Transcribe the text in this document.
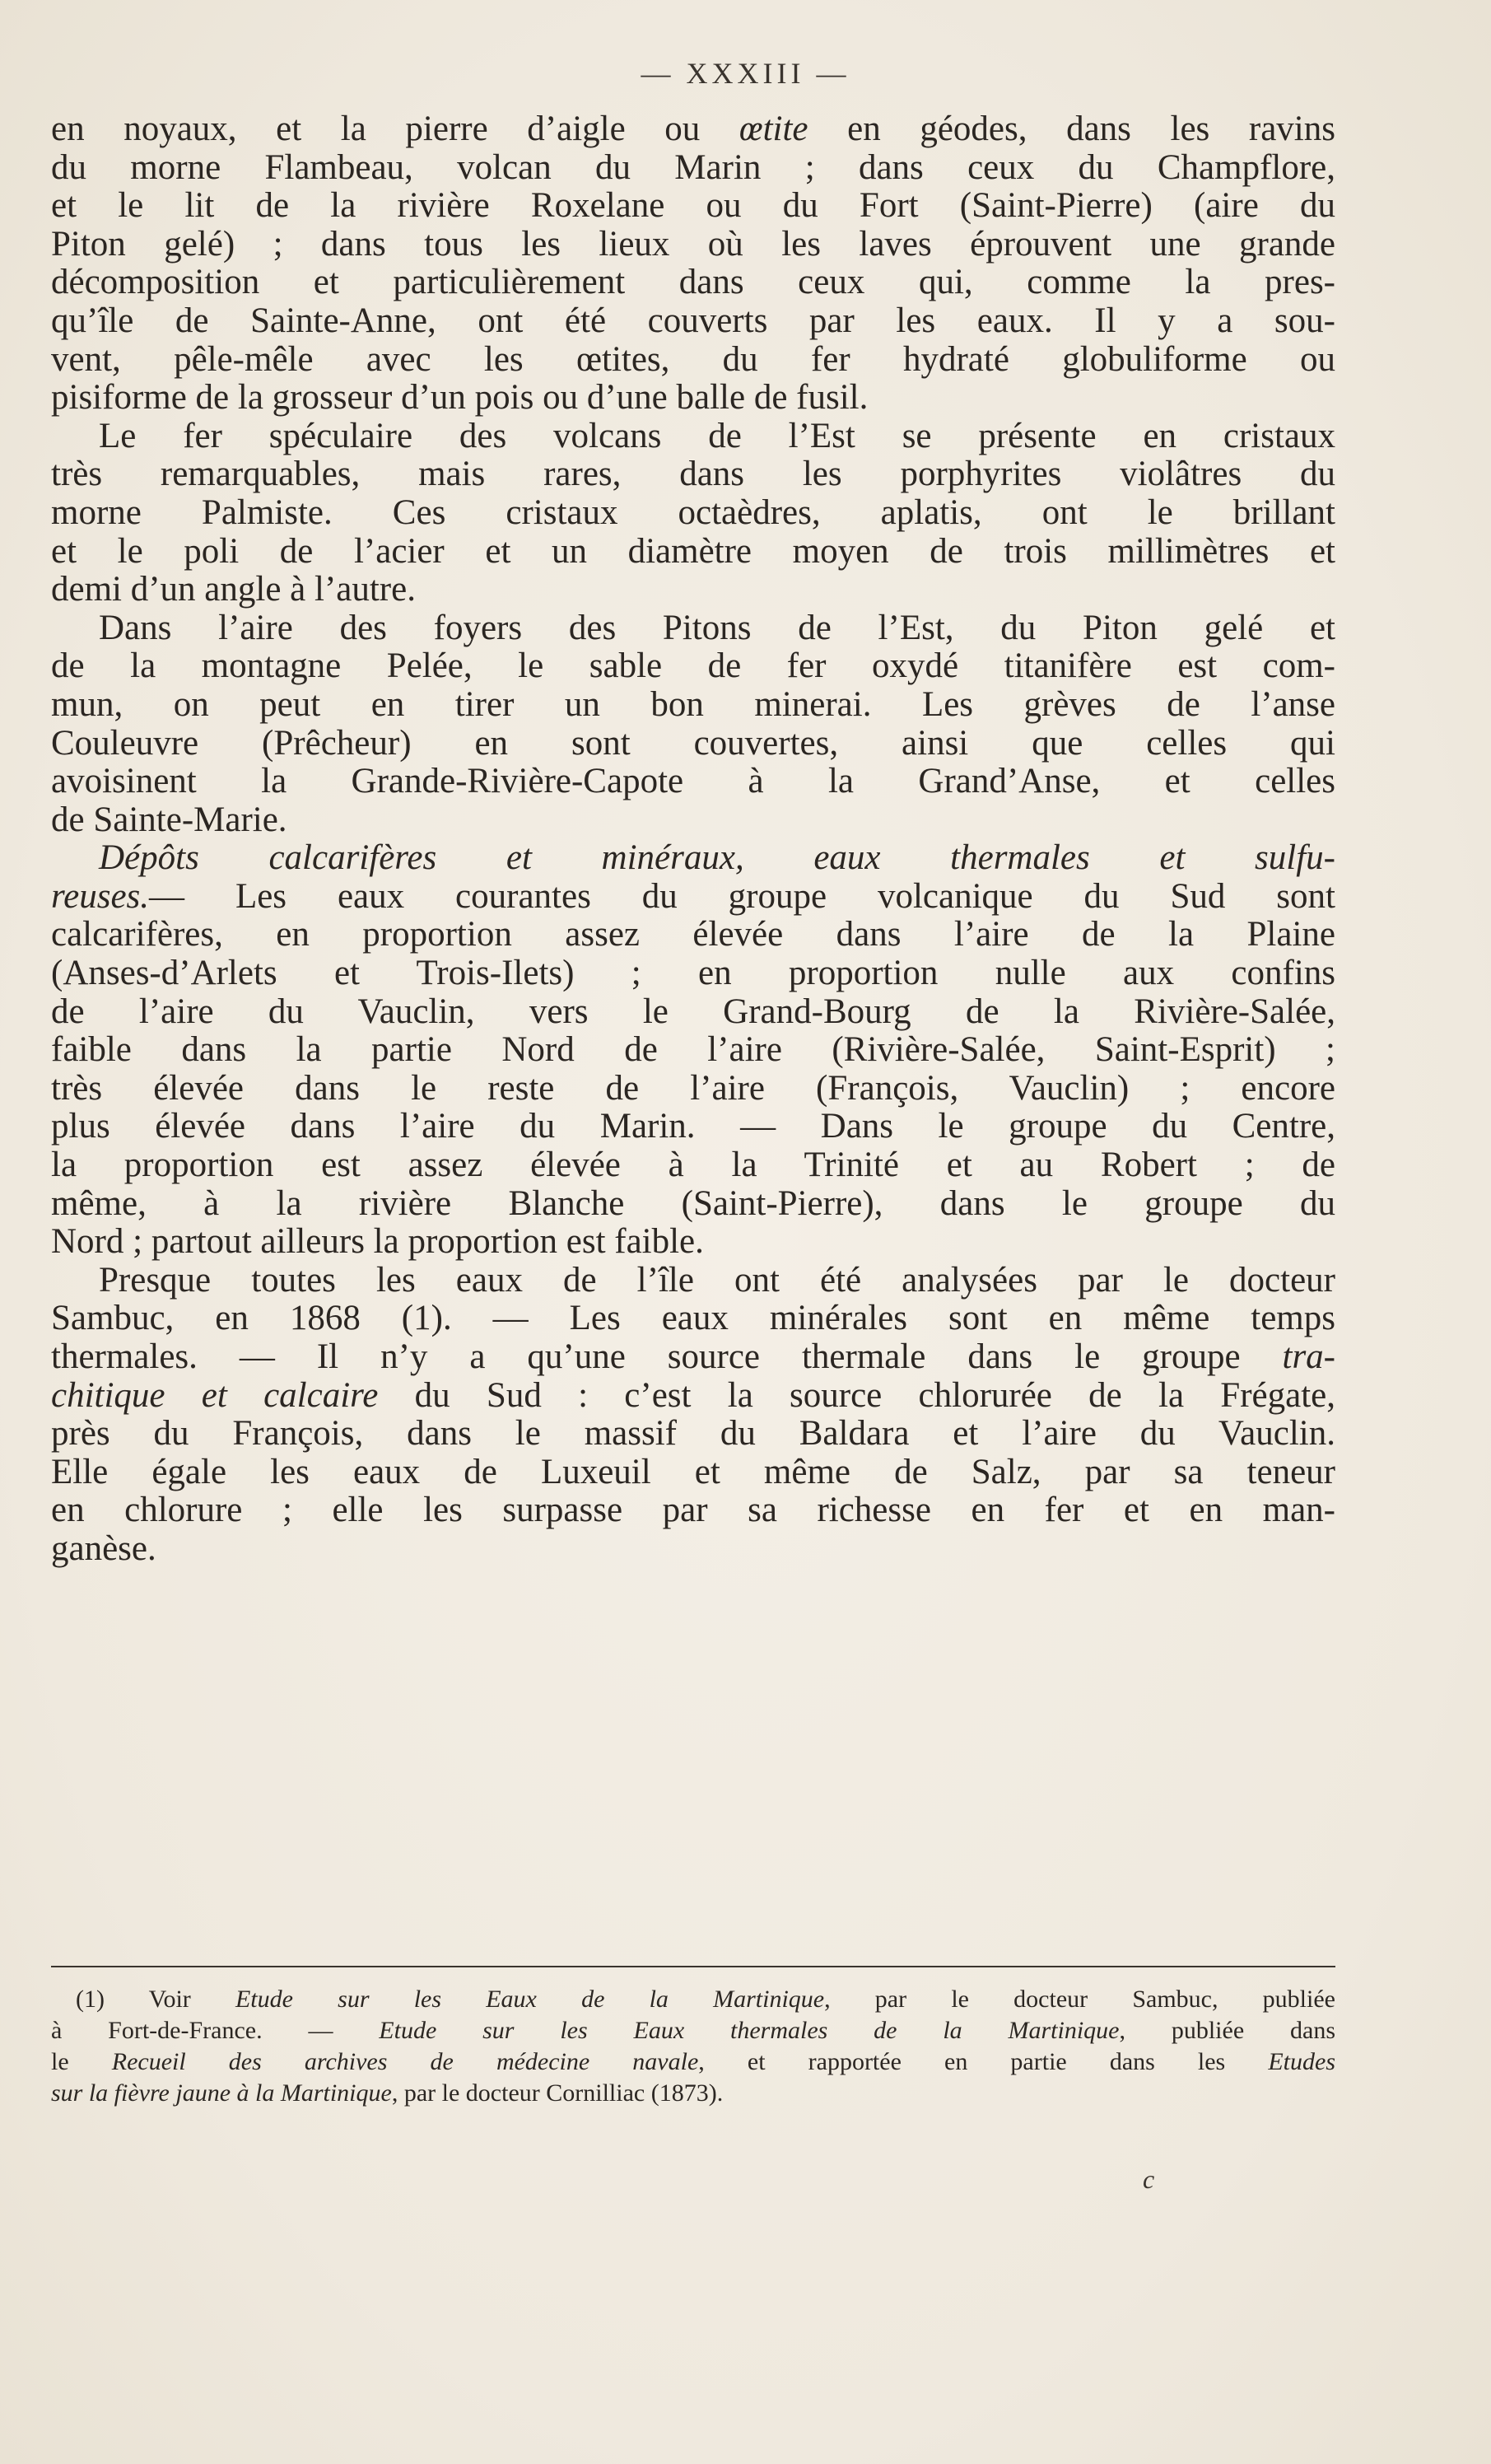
— XXXIII —
en noyaux, et la pierre d’aigle ou œtite en géodes, dans les ravins
du morne Flambeau, volcan du Marin ; dans ceux du Champflore,
et le lit de la rivière Roxelane ou du Fort (Saint-Pierre) (aire du
Piton gelé) ; dans tous les lieux où les laves éprouvent une grande
décomposition et particulièrement dans ceux qui, comme la pres-
qu’île de Sainte-Anne, ont été couverts par les eaux. Il y a sou-
vent, pêle-mêle avec les œtites, du fer hydraté globuliforme ou
pisiforme de la grosseur d’un pois ou d’une balle de fusil.
Le fer spéculaire des volcans de l’Est se présente en cristaux
très remarquables, mais rares, dans les porphyrites violâtres du
morne Palmiste. Ces cristaux octaèdres, aplatis, ont le brillant
et le poli de l’acier et un diamètre moyen de trois millimètres et
demi d’un angle à l’autre.
Dans l’aire des foyers des Pitons de l’Est, du Piton gelé et
de la montagne Pelée, le sable de fer oxydé titanifère est com-
mun, on peut en tirer un bon minerai. Les grèves de l’anse
Couleuvre (Prêcheur) en sont couvertes, ainsi que celles qui
avoisinent la Grande-Rivière-Capote à la Grand’Anse, et celles
de Sainte-Marie.
Dépôts calcarifères et minéraux, eaux thermales et sulfu-
reuses.— Les eaux courantes du groupe volcanique du Sud sont
calcarifères, en proportion assez élevée dans l’aire de la Plaine
(Anses-d’Arlets et Trois-Ilets) ; en proportion nulle aux confins
de l’aire du Vauclin, vers le Grand-Bourg de la Rivière-Salée,
faible dans la partie Nord de l’aire (Rivière-Salée, Saint-Esprit) ;
très élevée dans le reste de l’aire (François, Vauclin) ; encore
plus élevée dans l’aire du Marin. — Dans le groupe du Centre,
la proportion est assez élevée à la Trinité et au Robert ; de
même, à la rivière Blanche (Saint-Pierre), dans le groupe du
Nord ; partout ailleurs la proportion est faible.
Presque toutes les eaux de l’île ont été analysées par le docteur
Sambuc, en 1868 (1). — Les eaux minérales sont en même temps
thermales. — Il n’y a qu’une source thermale dans le groupe tra-
chitique et calcaire du Sud : c’est la source chlorurée de la Frégate,
près du François, dans le massif du Baldara et l’aire du Vauclin.
Elle égale les eaux de Luxeuil et même de Salz, par sa teneur
en chlorure ; elle les surpasse par sa richesse en fer et en man-
ganèse.
(1) Voir Etude sur les Eaux de la Martinique, par le docteur Sambuc, publiée
à Fort-de-France. — Etude sur les Eaux thermales de la Martinique, publiée dans
le Recueil des archives de médecine navale, et rapportée en partie dans les Etudes
sur la fièvre jaune à la Martinique, par le docteur Cornilliac (1873).
c
